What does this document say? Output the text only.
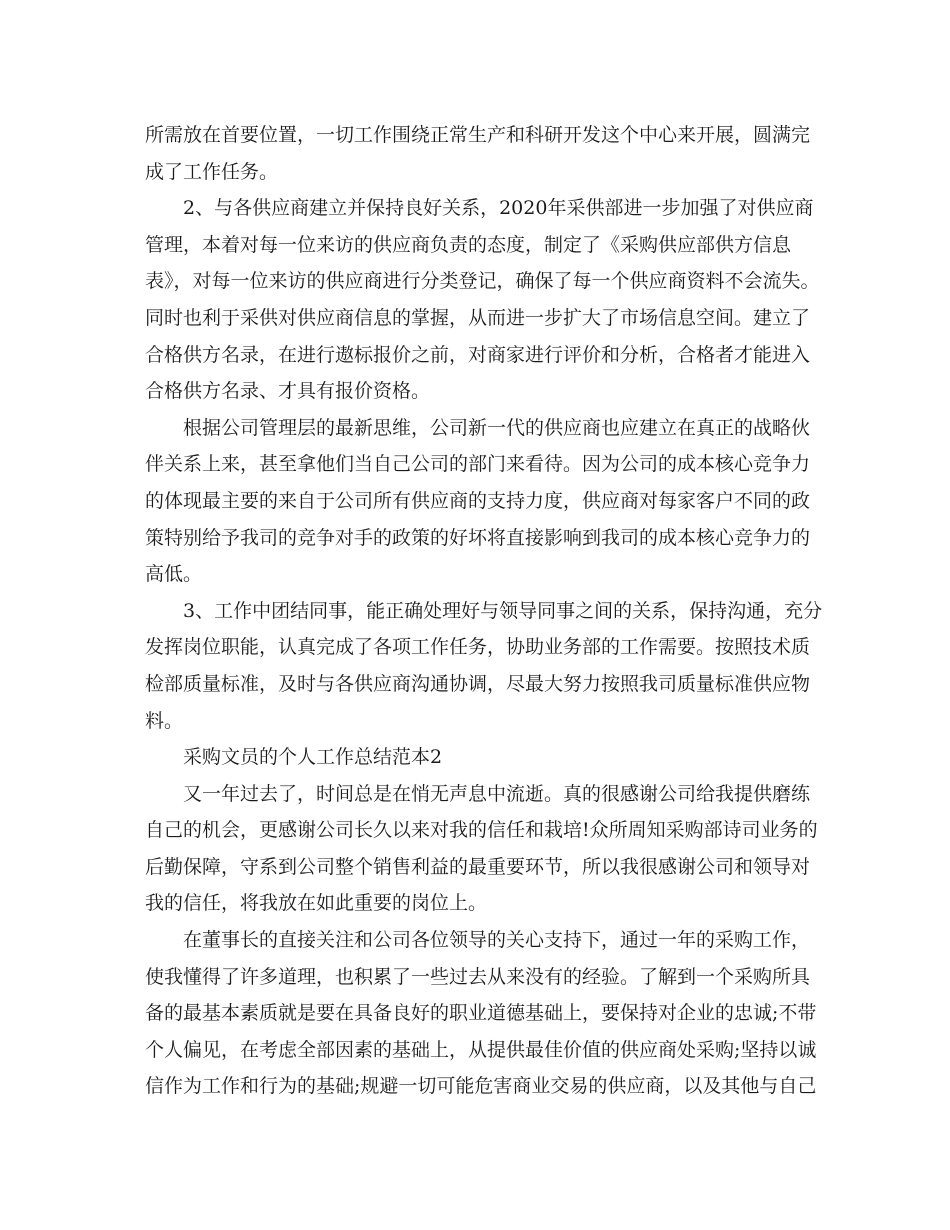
所需放在首要位置，一切工作围绕正常生产和科研开发这个中心来开展，圆满完
成了工作任务。
2、与各供应商建立并保持良好关系，2020年采供部进一步加强了对供应商
管理，本着对每一位来访的供应商负责的态度，制定了《采购供应部供方信息
表》，对每一位来访的供应商进行分类登记，确保了每一个供应商资料不会流失。
同时也利于采供对供应商信息的掌握，从而进一步扩大了市场信息空间。建立了
合格供方名录，在进行遨标报价之前，对商家进行评价和分析，合格者才能进入
合格供方名录、才具有报价资格。
根据公司管理层的最新思维，公司新一代的供应商也应建立在真正的战略伙
伴关系上来，甚至拿他们当自己公司的部门来看待。因为公司的成本核心竞争力
的体现最主要的来自于公司所有供应商的支持力度，供应商对每家客户不同的政
策特别给予我司的竞争对手的政策的好坏将直接影响到我司的成本核心竞争力的
高低。
3、工作中团结同事，能正确处理好与领导同事之间的关系，保持沟通，充分
发挥岗位职能，认真完成了各项工作任务，协助业务部的工作需要。按照技术质
检部质量标准，及时与各供应商沟通协调，尽最大努力按照我司质量标准供应物
料。
采购文员的个人工作总结范本2
又一年过去了，时间总是在悄无声息中流逝。真的很感谢公司给我提供磨练
自己的机会，更感谢公司长久以来对我的信任和栽培!众所周知采购部诗司业务的
后勤保障，守系到公司整个销售利益的最重要环节，所以我很感谢公司和领导对
我的信任，将我放在如此重要的岗位上。
在董事长的直接关注和公司各位领导的关心支持下，通过一年的采购工作，
使我懂得了许多道理，也积累了一些过去从来没有的经验。了解到一个采购所具
备的最基本素质就是要在具备良好的职业道德基础上，要保持对企业的忠诚;不带
个人偏见，在考虑全部因素的基础上，从提供最佳价值的供应商处采购;坚持以诚
信作为工作和行为的基础;规避一切可能危害商业交易的供应商，以及其他与自己
